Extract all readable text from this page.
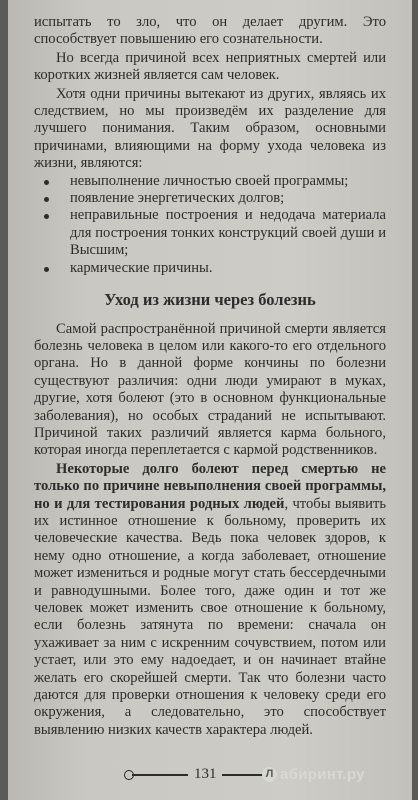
испытать то зло, что он делает другим. Это способствует повышению его сознательности.

Но всегда причиной всех неприятных смертей или коротких жизней является сам человек.

Хотя одни причины вытекают из других, являясь их следствием, но мы произведём их разделение для лучшего понимания. Таким образом, основными причинами, влияющими на форму ухода человека из жизни, являются:

невыполнение личностью своей программы;
появление энергетических долгов;
неправильные построения и недодача материала для построения тонких конструкций своей души и Высшим;
кармические причины.
Уход из жизни через болезнь

Самой распространённой причиной смерти является болезнь человека в целом или какого-то его отдельного органа. Но в данной форме кончины по болезни существуют различия: одни люди умирают в муках, другие, хотя болеют (это в основном функциональные заболевания), но особых страданий не испытывают. Причиной таких различий является карма больного, которая иногда переплетается с кармой родственников.

Некоторые долго болеют перед смертью не только по причине невыполнения своей программы, но и для тестирования родных людей, чтобы выявить их истинное отношение к больному, проверить их человеческие качества. Ведь пока человек здоров, к нему одно отношение, а когда заболевает, отношение может измениться и родные могут стать бессердечными и равнодушными. Более того, даже один и тот же человек может изменить свое отношение к больному, если болезнь затянута по времени: сначала он ухаживает за ним с искренним сочувствием, потом или устает, или это ему надоедает, и он начинает втайне желать его скорейшей смерти. Так что болезни часто даются для проверки отношения к человеку среди его окружения, а следовательно, это способствует выявлению низких качеств характера людей.

131	Л абиринт.ру
